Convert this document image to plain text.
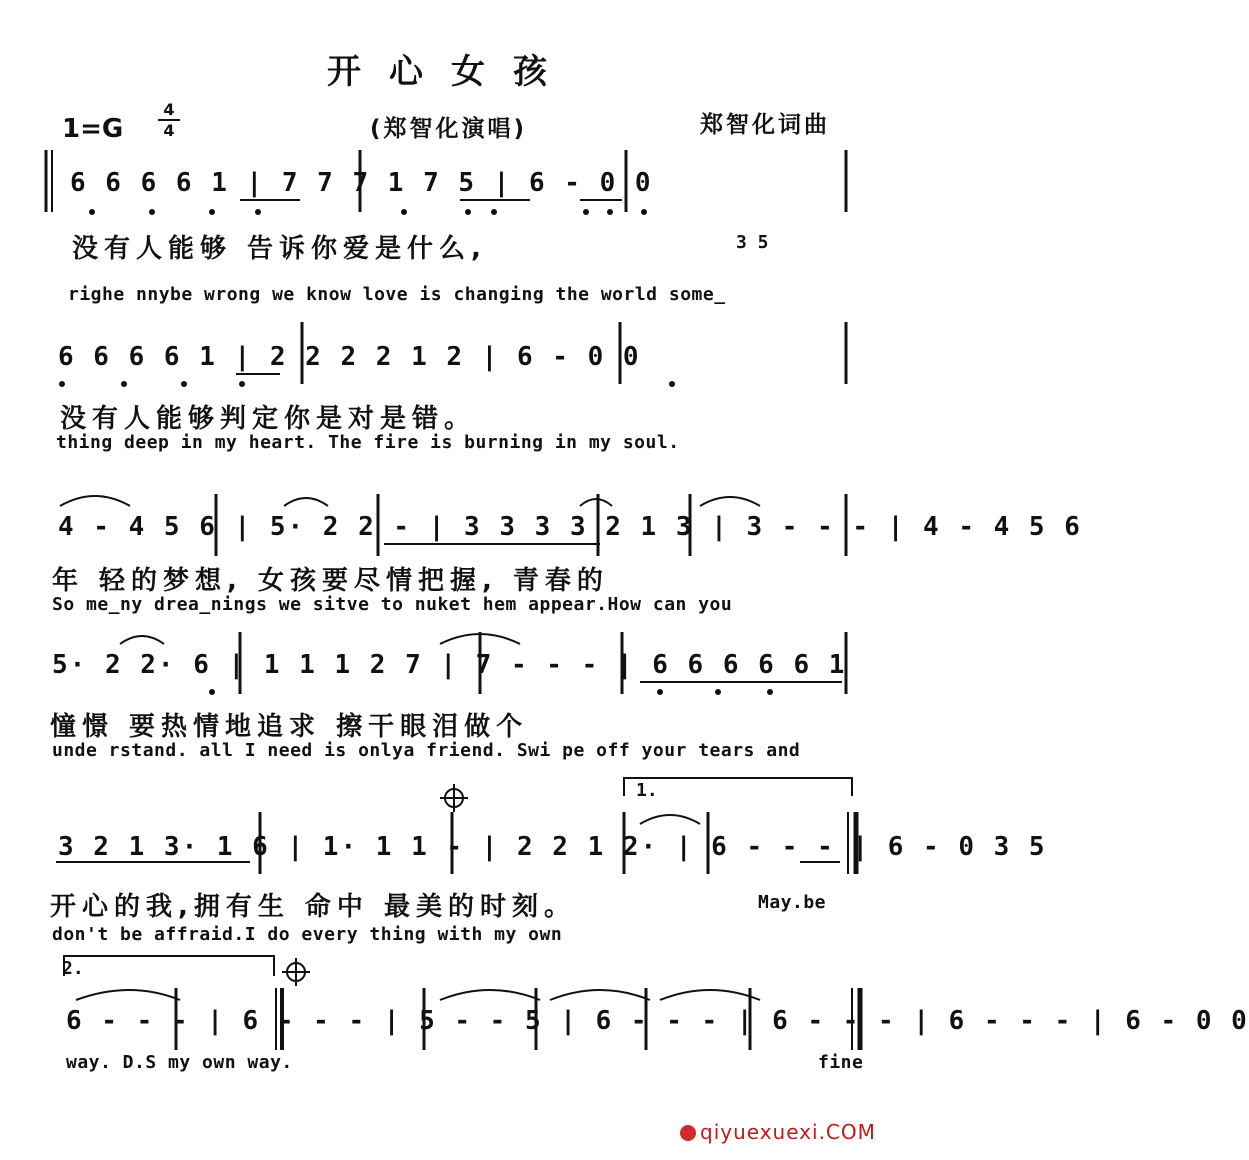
开心女孩
1=G
4
4	(郑智化演唱)	郑智化词曲
6 6 6 6 1 | 7 7 7 1 7 5 | 6 - 0 0
没有人能够 告诉你爱是什么,	3 5
righe nnybe wrong we know love is changing the world some_
6 6 6 6 1 | 2 2 2 2 1 2 | 6 - 0 0
没有人能够判定你是对是错。
thing deep in my heart. The fire is burning in my soul.
4 - 4 5 6 | 5· 2 2 - | 3 3 3 3 2 1 3 | 3 - - - | 4 - 4 5 6
年 轻的梦想, 女孩要尽情把握, 青春的
So me_ny drea_nings we sitve to nuket hem appear.How can you
5· 2 2· 6 | 1 1 1 2 7 | 7 - - - | 6 6 6 6 6 1
憧憬 要热情地追求 擦干眼泪做个
unde rstand. all I need is onlya friend. Swi pe off your tears and
1.
3 2 1 3· 1 6 | 1· 1 1 - | 2 2 1 2· | 6 - - - | 6 - 0 3 5
开心的我,拥有生 命中 最美的时刻。	May.be
don't be affraid.I do every thing with my own
2.
6 - - - | 6 - - - | 5 - - 5 | 6 - - - | 6 - - - | 6 - - - | 6 - 0 0
way. D.S my own way.	fine
qiyuexuexi.COM
